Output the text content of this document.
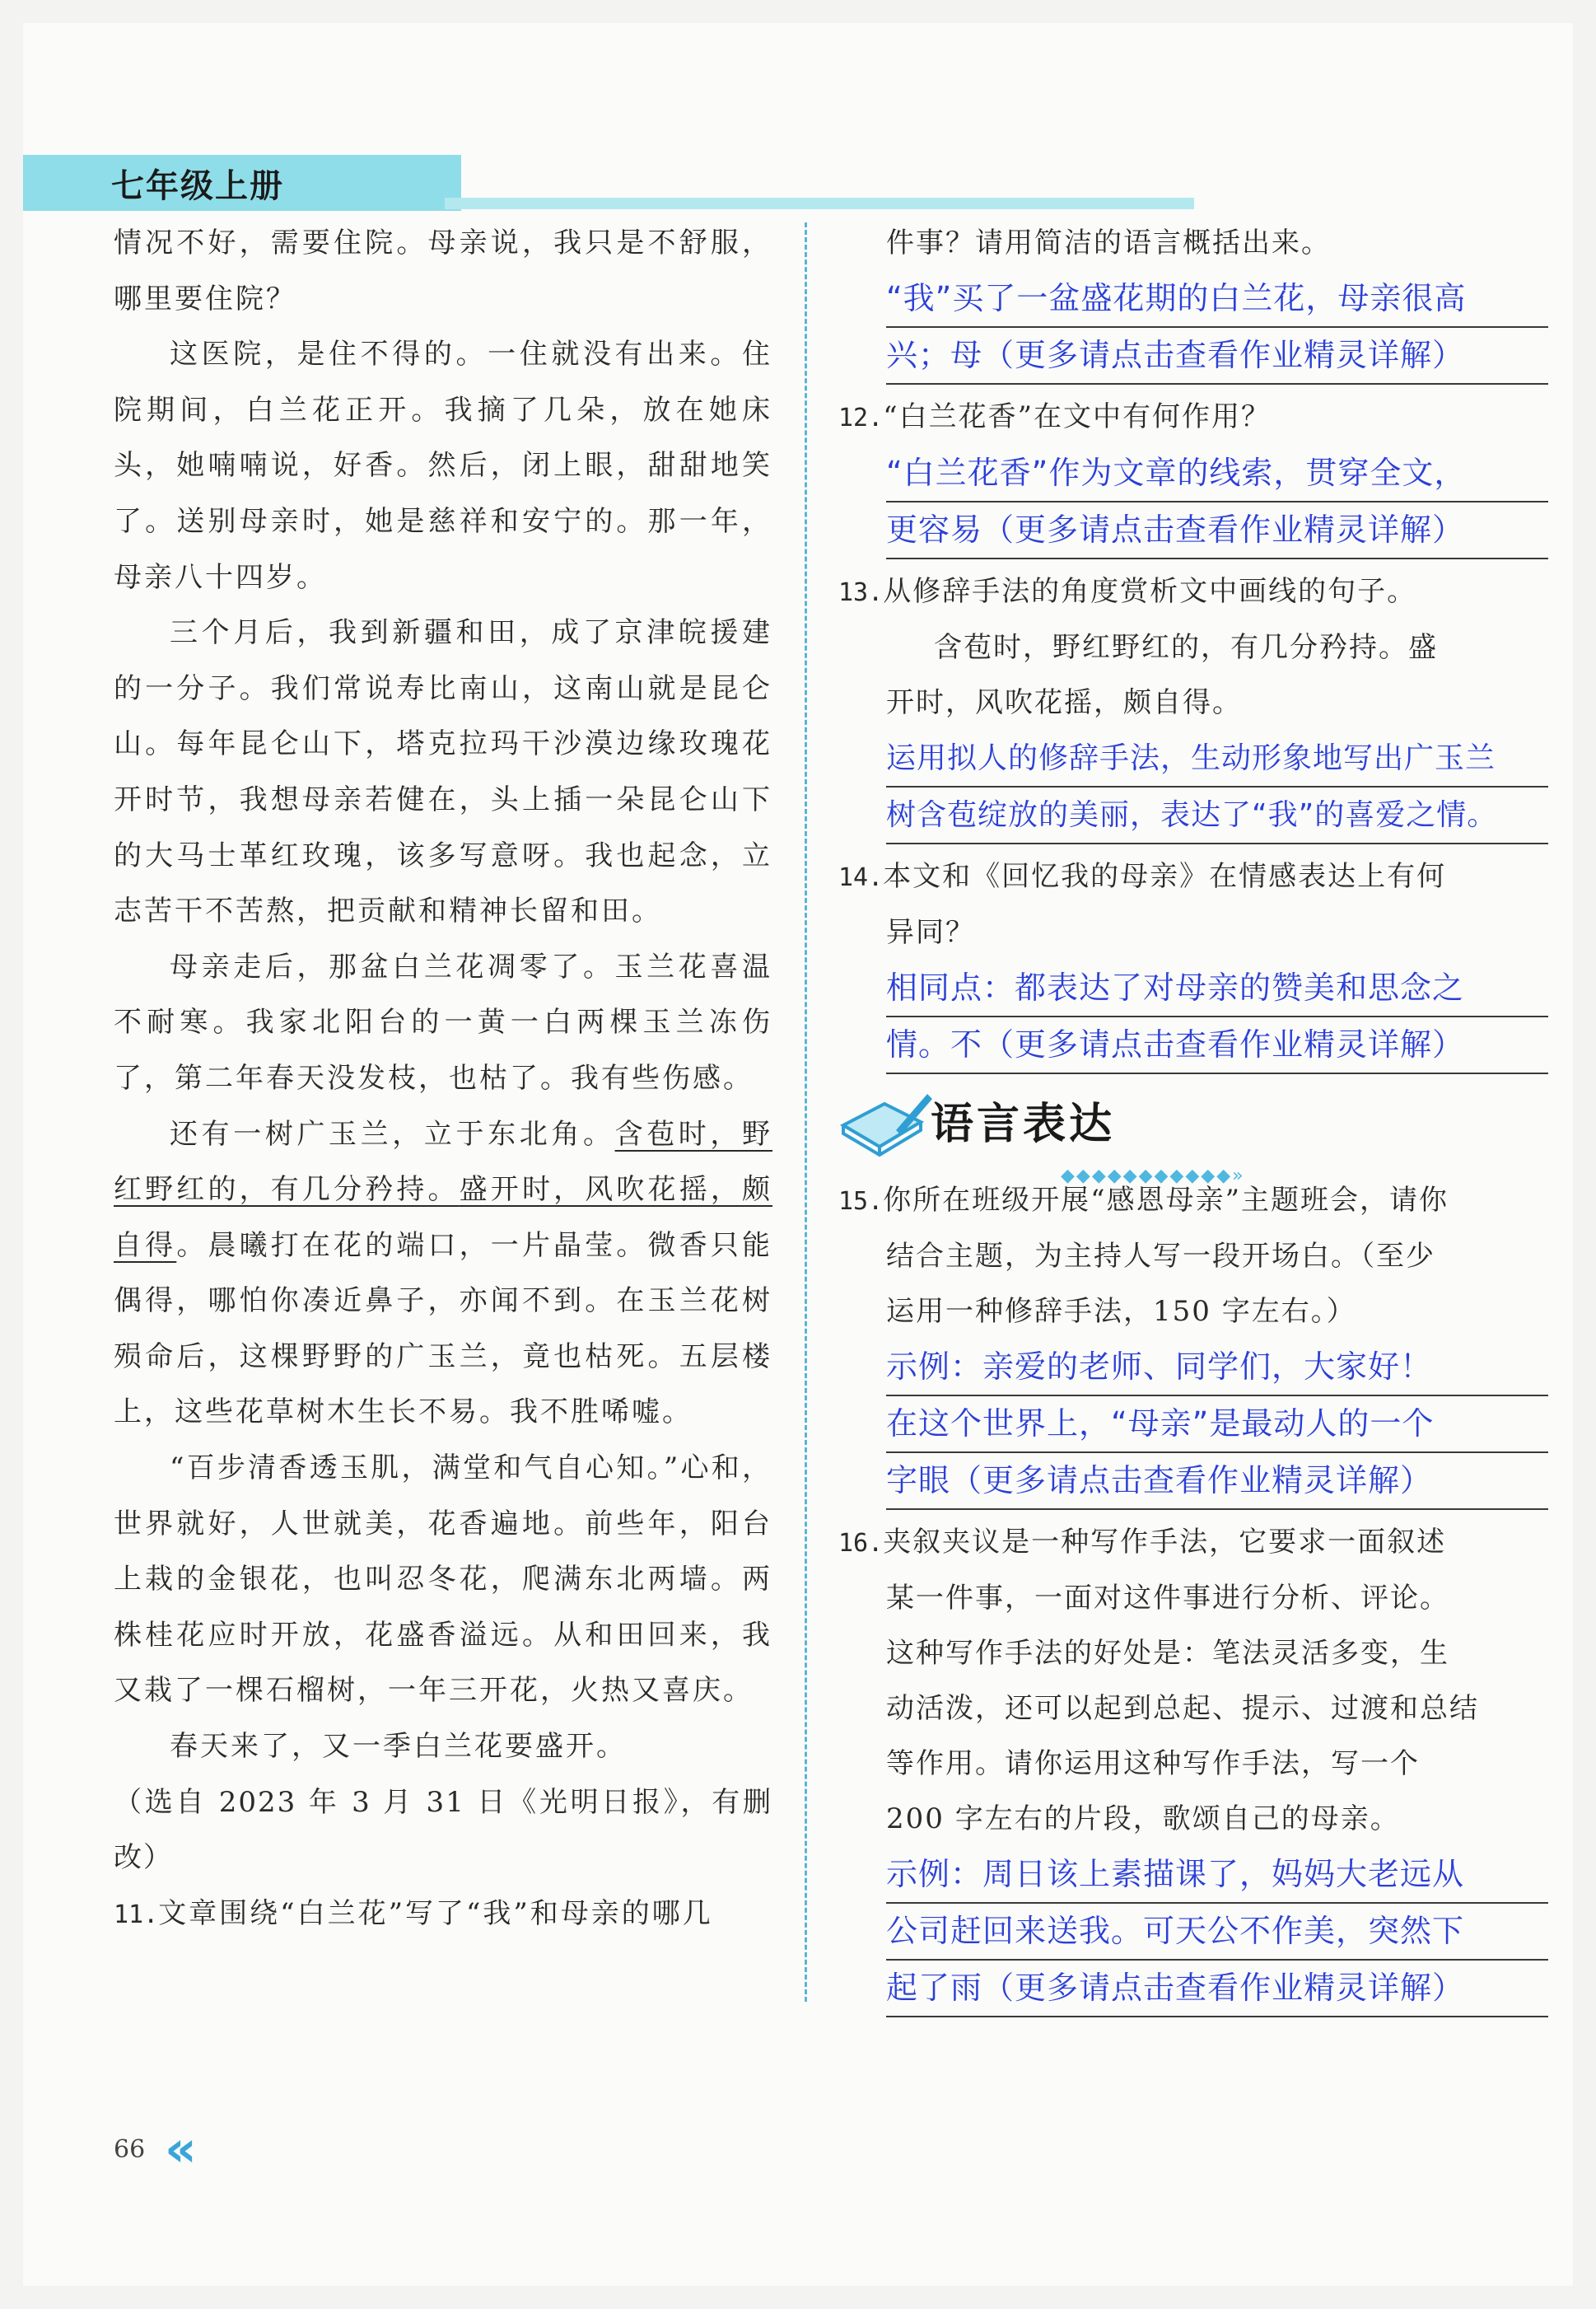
七年级上册

情况不好，需要住院。母亲说，我只是不舒服，哪里要住院？

这医院，是住不得的。一住就没有出来。住院期间，白兰花正开。我摘了几朵，放在她床头，她喃喃说，好香。然后，闭上眼，甜甜地笑了。送别母亲时，她是慈祥和安宁的。那一年，母亲八十四岁。

三个月后，我到新疆和田，成了京津皖援建的一分子。我们常说寿比南山，这南山就是昆仑山。每年昆仑山下，塔克拉玛干沙漠边缘玫瑰花开时节，我想母亲若健在，头上插一朵昆仑山下的大马士革红玫瑰，该多写意呀。我也起念，立志苦干不苦熬，把贡献和精神长留和田。

母亲走后，那盆白兰花凋零了。玉兰花喜温不耐寒。我家北阳台的一黄一白两棵玉兰冻伤了，第二年春天没发枝，也枯了。我有些伤感。

还有一树广玉兰，立于东北角。含苞时，野红野红的，有几分矜持。盛开时，风吹花摇，颇自得。晨曦打在花的端口，一片晶莹。微香只能偶得，哪怕你凑近鼻子，亦闻不到。在玉兰花树殒命后，这棵野野的广玉兰，竟也枯死。五层楼上，这些花草树木生长不易。我不胜唏嘘。

“百步清香透玉肌，满堂和气自心知。”心和，世界就好，人世就美，花香遍地。前些年，阳台上栽的金银花，也叫忍冬花，爬满东北两墙。两株桂花应时开放，花盛香溢远。从和田回来，我又栽了一棵石榴树，一年三开花，火热又喜庆。

春天来了，又一季白兰花要盛开。

（选自 2023 年 3 月 31 日《光明日报》，有删改）

11.文章围绕“白兰花”写了“我”和母亲的哪几

件事？请用简洁的语言概括出来。

“我”买了一盆盛花期的白兰花，母亲很高
兴；母（更多请点击查看作业精灵详解）

12.“白兰花香”在文中有何作用？

“白兰花香”作为文章的线索，贯穿全文，
更容易（更多请点击查看作业精灵详解）

13.从修辞手法的角度赏析文中画线的句子。

含苞时，野红野红的，有几分矜持。盛

开时，风吹花摇，颇自得。

运用拟人的修辞手法，生动形象地写出广玉兰
树含苞绽放的美丽，表达了“我”的喜爱之情。

14.本文和《回忆我的母亲》在情感表达上有何

异同？

相同点：都表达了对母亲的赞美和思念之
情。不（更多请点击查看作业精灵详解）
语言表达
◆◆◆◆◆◆◆◆◆◆◆»

15.你所在班级开展“感恩母亲”主题班会，请你

结合主题，为主持人写一段开场白。（至少

运用一种修辞手法，150 字左右。）

示例：亲爱的老师、同学们，大家好！
在这个世界上，“母亲”是最动人的一个
字眼（更多请点击查看作业精灵详解）

16.夹叙夹议是一种写作手法，它要求一面叙述

某一件事，一面对这件事进行分析、评论。

这种写作手法的好处是：笔法灵活多变，生

动活泼，还可以起到总起、提示、过渡和总结

等作用。请你运用这种写作手法，写一个

200 字左右的片段，歌颂自己的母亲。

示例：周日该上素描课了，妈妈大老远从
公司赶回来送我。可天公不作美，突然下
起了雨（更多请点击查看作业精灵详解）
66 «
